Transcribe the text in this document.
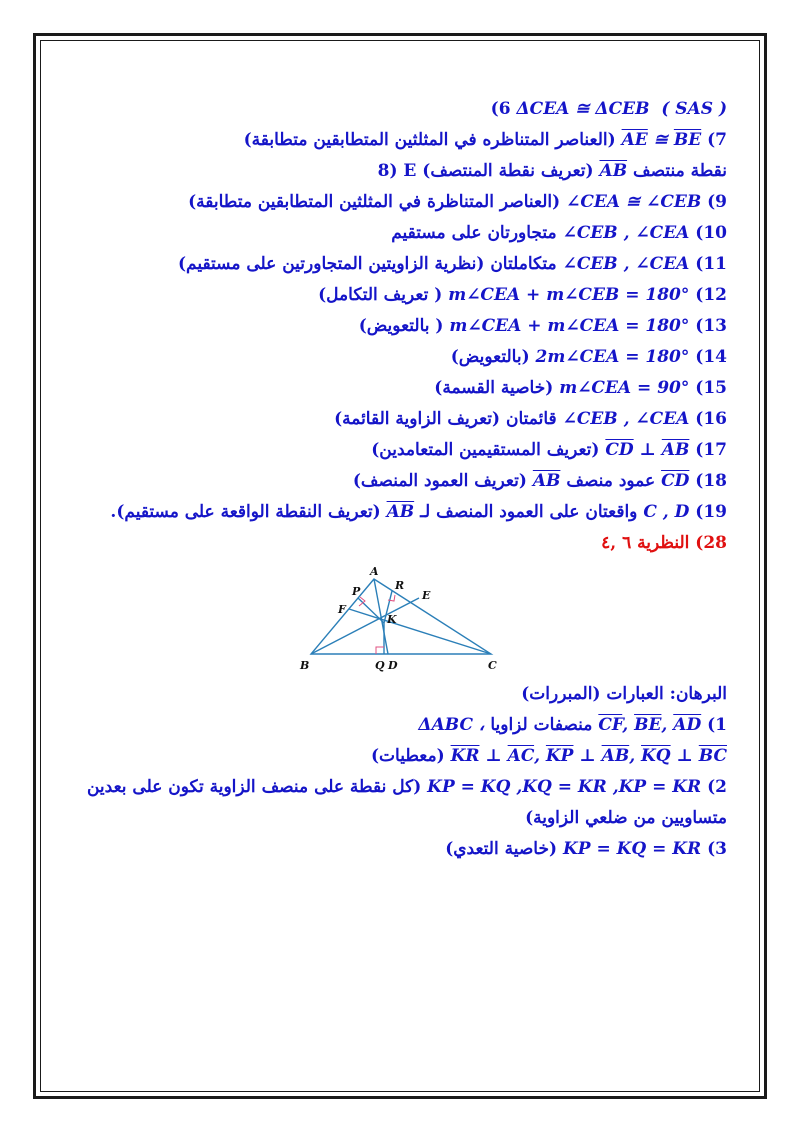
(6 ΔCEA ≅ ΔCEB ( SAS )
7) $\overline{AE}$ ≅ $\overline{BE}$ (العناصر المتناظره في المثلثين المتطابقين متطابقة)
8) E	نقطة منتصف $\overline{AB}$ (تعريف نقطة المنتصف)
9) ∠CEA ≅ ∠CEB (العناصر المتناظرة في المثلثين المتطابقين متطابقة)
10) ∠CEB , ∠CEA متجاورتان على مستقيم
11) ∠CEB , ∠CEA متكاملتان (نظرية الزاويتين المتجاورتين على مستقيم)
12) m∠CEA + m∠CEB = 180° ( تعريف التكامل)
13) m∠CEA + m∠CEA = 180° ( بالتعويض)
14) 2m∠CEA = 180° (بالتعويض)
15) m∠CEA = 90° (خاصية القسمة)
16) ∠CEB , ∠CEA قائمتان (تعريف الزاوية القائمة)
17) $\overline{CD}$ ⊥ $\overline{AB}$ (تعريف المستقيمين المتعامدين)
18) $\overline{CD}$ عمود منصف $\overline{AB}$ (تعريف العمود المنصف)
19) C , D واقعتان على العمود المنصف لـ $\overline{AB}$ (تعريف النقطة الواقعة على مستقيم).
28) النظرية ٦ ,٤
A
B	C
D
Q
E
F
K
P	R
البرهان: العبارات (المبررات)
1) $\overline{CF}$, $\overline{BE}$, $\overline{AD}$ منصفات لزاويا ΔABC ،
$\overline{KR}$ ⊥ $\overline{AC}$, $\overline{KP}$ ⊥ $\overline{AB}$, $\overline{KQ}$ ⊥ $\overline{BC}$ (معطيات)
2) KP = KQ ,KQ = KR ,KP = KR (كل نقطة على منصف الزاوية تكون على بعدين متساويين من ضلعي الزاوية)
3) KP = KQ = KR (خاصية التعدي)
